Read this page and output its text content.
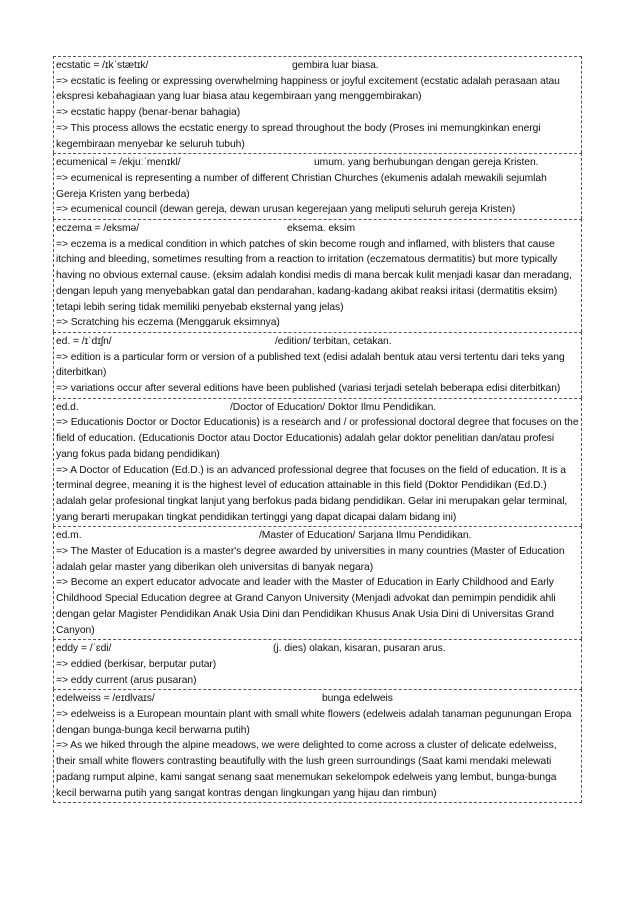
ecstatic = /ɪkˈstætɪk/	gembira luar biasa.
=> ecstatic is feeling or expressing overwhelming happiness or joyful excitement (ecstatic adalah perasaan atau ekspresi kebahagiaan yang luar biasa atau kegembiraan yang menggembirakan)
=> ecstatic happy (benar-benar bahagia)
=> This process allows the ecstatic energy to spread throughout the body (Proses ini memungkinkan energi kegembiraan menyebar ke seluruh tubuh)
ecumenical = /ekjuːˈmenɪkl/	umum. yang berhubungan dengan gereja Kristen.
=> ecumenical is representing a number of different Christian Churches (ekumenis adalah mewakili sejumlah Gereja Kristen yang berbeda)
=> ecumenical council (dewan gereja, dewan urusan kegerejaan yang meliputi seluruh gereja Kristen)
eczema = /eksmə/	eksema. eksim
=> eczema is a medical condition in which patches of skin become rough and inflamed, with blisters that cause itching and bleeding, sometimes resulting from a reaction to irritation (eczematous dermatitis) but more typically having no obvious external cause. (eksim adalah kondisi medis di mana bercak kulit menjadi kasar dan meradang, dengan lepuh yang menyebabkan gatal dan pendarahan, kadang-kadang akibat reaksi iritasi (dermatitis eksim) tetapi lebih sering tidak memiliki penyebab eksternal yang jelas)
=> Scratching his eczema (Menggaruk eksimnya)
ed. = /ɪˈdɪʃn/	/edition/ terbitan, cetakan.
=> edition is a particular form or version of a published text (edisi adalah bentuk atau versi tertentu dari teks yang diterbitkan)
=> variations occur after several editions have been published (variasi terjadi setelah beberapa edisi diterbitkan)
ed.d.	/Doctor of Education/ Doktor Ilmu Pendidikan.
=> Educationis Doctor or Doctor Educationis) is a research and / or professional doctoral degree that focuses on the field of education. (Educationis Doctor atau Doctor Educationis) adalah gelar doktor penelitian dan/atau profesi yang fokus pada bidang pendidikan)
=> A Doctor of Education (Ed.D.) is an advanced professional degree that focuses on the field of education. It is a terminal degree, meaning it is the highest level of education attainable in this field (Doktor Pendidikan (Ed.D.) adalah gelar profesional tingkat lanjut yang berfokus pada bidang pendidikan. Gelar ini merupakan gelar terminal, yang berarti merupakan tingkat pendidikan tertinggi yang dapat dicapai dalam bidang ini)
ed.m.	/Master of Education/ Sarjana Ilmu Pendidikan.
=> The Master of Education is a master's degree awarded by universities in many countries (Master of Education adalah gelar master yang diberikan oleh universitas di banyak negara)
=> Become an expert educator advocate and leader with the Master of Education in Early Childhood and Early Childhood Special Education degree at Grand Canyon University (Menjadi advokat dan pemimpin pendidik ahli dengan gelar Magister Pendidikan Anak Usia Dini dan Pendidikan Khusus Anak Usia Dini di Universitas Grand Canyon)
eddy = /ˈɛdi/	(j. dies) olakan, kisaran, pusaran arus.
=> eddied (berkisar, berputar putar)
=> eddy current (arus pusaran)
edelweiss = /eɪdlvaɪs/	bunga edelweis
=> edelweiss is a European mountain plant with small white flowers (edelweis adalah tanaman pegunungan Eropa dengan bunga-bunga kecil berwarna putih)
=> As we hiked through the alpine meadows, we were delighted to come across a cluster of delicate edelweiss, their small white flowers contrasting beautifully with the lush green surroundings (Saat kami mendaki melewati padang rumput alpine, kami sangat senang saat menemukan sekelompok edelweis yang lembut, bunga-bunga kecil berwarna putih yang sangat kontras dengan lingkungan yang hijau dan rimbun)
